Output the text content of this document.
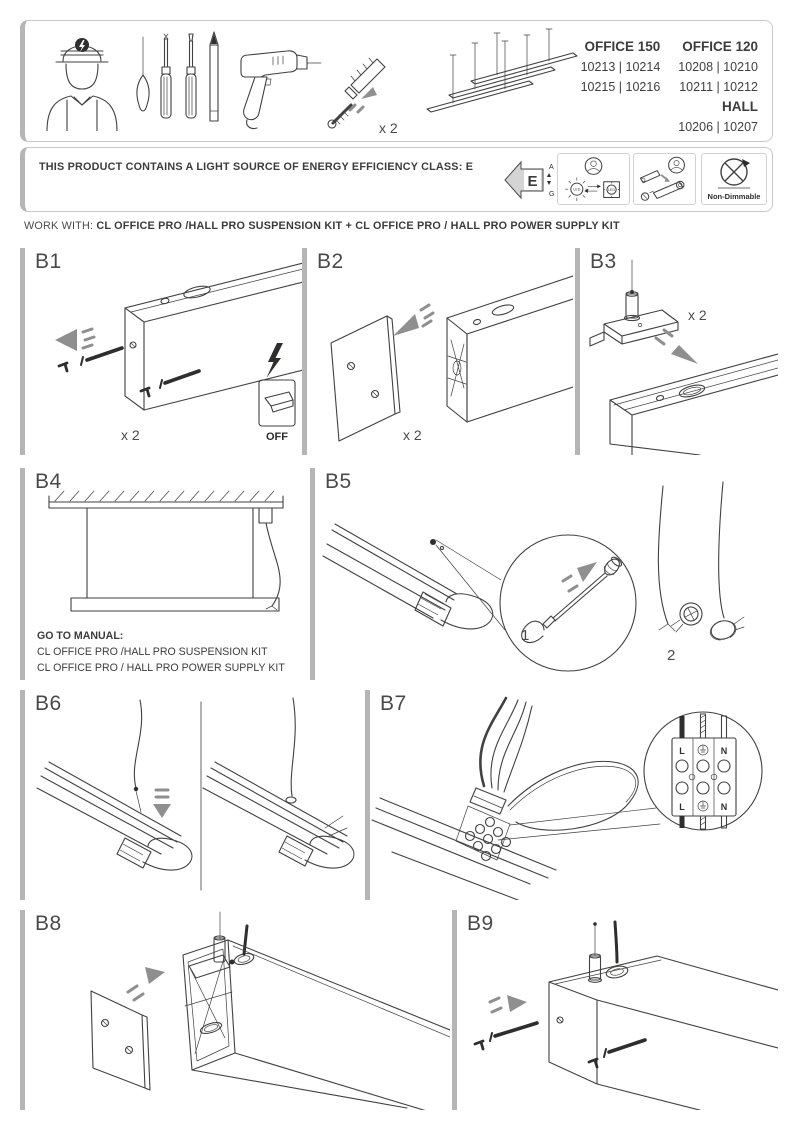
x 2
OFFICE 150
10213 | 10214
10215 | 10216
OFFICE 120
10208 | 10210
10211 | 10212
HALL
10206 | 10207
THIS PRODUCT CONTAINS A LIGHT SOURCE OF ENERGY EFFICIENCY CLASS: E
E
A
G
LED	LED
Non-Dimmable
WORK WITH: CL OFFICE PRO /HALL PRO SUSPENSION KIT + CL OFFICE PRO / HALL PRO POWER SUPPLY KIT
B1
x 2	OFF
B2
x 2
B3
x 2
B4
GO TO MANUAL:
CL OFFICE PRO /HALL PRO SUSPENSION KIT
CL OFFICE PRO / HALL PRO POWER SUPPLY KIT
B5
1
2
B6	B7
L	N
L	N
B8	B9
